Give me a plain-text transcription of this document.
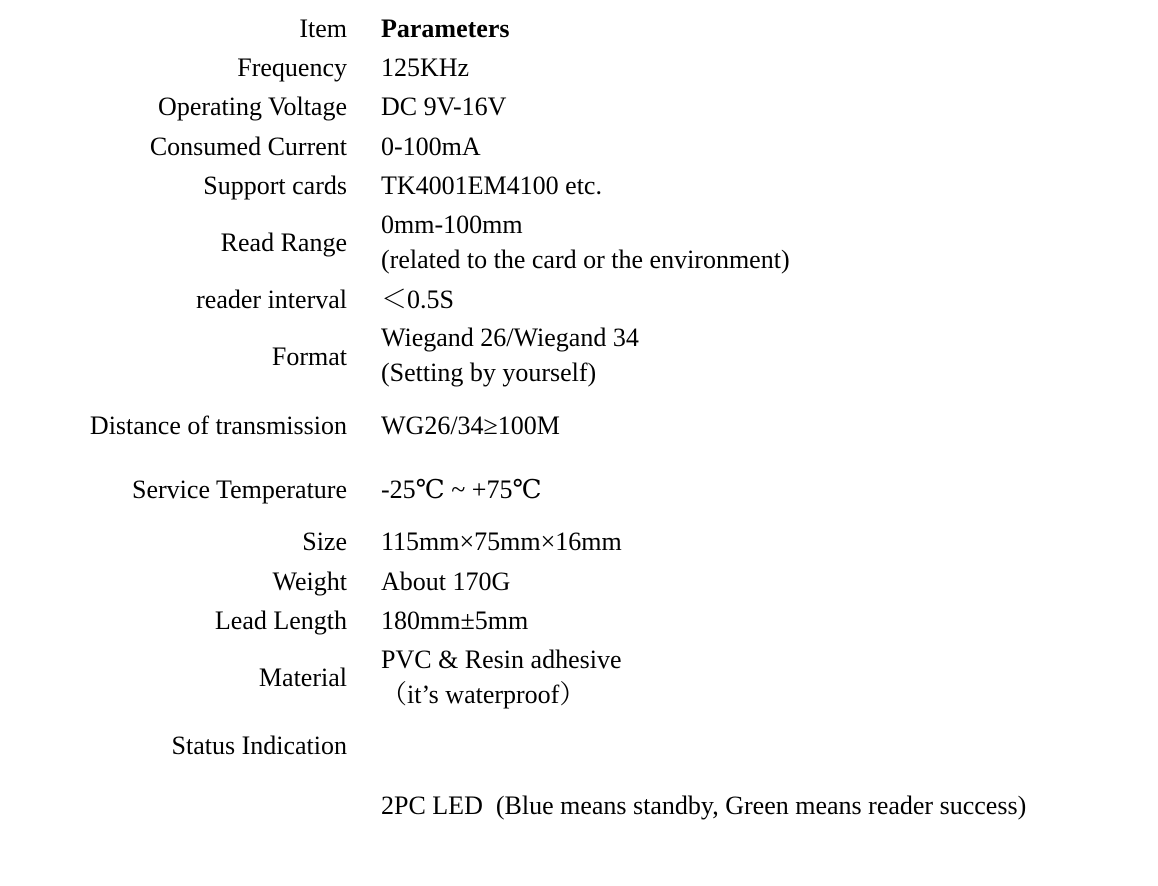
Item Parameters
Frequency 125KHz
Operating Voltage DC 9V-16V
Consumed Current 0-100mA
Support cards TK4001EM4100 etc.
Read Range
0mm-100mm
(related to the card or the environment)
reader interval ＜0.5S
Format
Wiegand 26/Wiegand 34
(Setting by yourself)
Distance of transmission WG26/34≥100M
Service Temperature -25℃ ~ +75℃
Size 115mm×75mm×16mm
Weight About 170G
Lead Length 180mm±5mm
Material
PVC & Resin adhesive
（it’s waterproof）
Status Indication

2PC LED  (Blue means standby, Green means reader success)
